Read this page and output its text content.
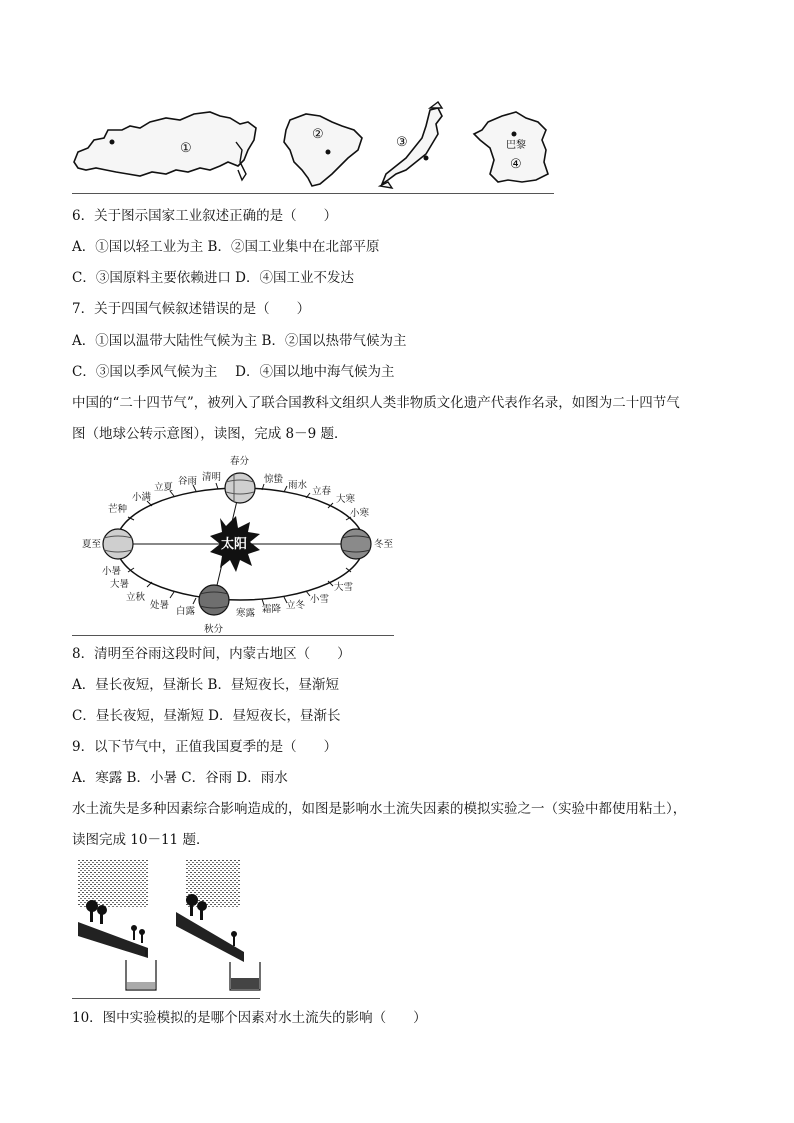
①
②
③	巴黎
④
6．关于图示国家工业叙述正确的是（　　）
A．①国以轻工业为主 B．②国工业集中在北部平原
C．③国原料主要依赖进口 D．④国工业不发达
7．关于四国气候叙述错误的是（　　）
A．①国以温带大陆性气候为主 B．②国以热带气候为主
C．③国以季风气候为主　 D．④国以地中海气候为主
中国的“二十四节气”，被列入了联合国教科文组织人类非物质文化遗产代表作名录，如图为二十四节气
图（地球公转示意图），读图，完成 8－9 题．
太阳
春分
清明
谷雨
立夏
小满
芒种
夏至
小暑
大暑
立秋
处暑
白露
秋分
寒露 霜降 立冬
小雪
大雪
冬至
小寒
大寒
立春
雨水
惊蛰
8．清明至谷雨这段时间，内蒙古地区（　　）
A．昼长夜短，昼渐长 B．昼短夜长，昼渐短
C．昼长夜短，昼渐短 D．昼短夜长，昼渐长
9．以下节气中，正值我国夏季的是（　　）
A．寒露 B．小暑 C．谷雨 D．雨水
水土流失是多种因素综合影响造成的，如图是影响水土流失因素的模拟实验之一（实验中都使用粘土），
读图完成 10－11 题．
10．图中实验模拟的是哪个因素对水土流失的影响（　　）
